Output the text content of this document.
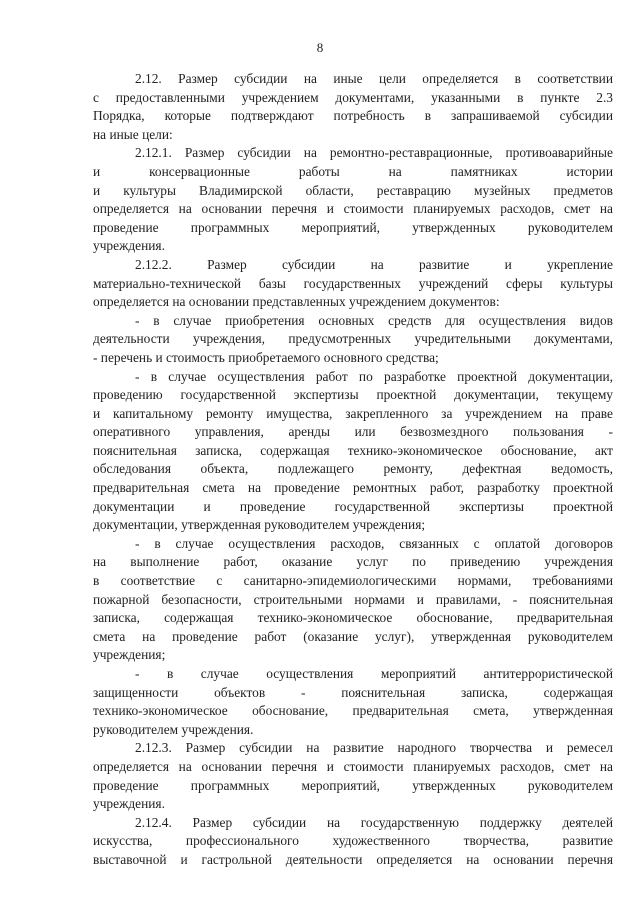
8
2.12. Размер субсидии на иные цели определяется в соответствии
с предоставленными учреждением документами, указанными в пункте 2.3
Порядка, которые подтверждают потребность в запрашиваемой субсидии
на иные цели:
2.12.1. Размер субсидии на ремонтно-реставрационные, противоаварийные
и консервационные работы на памятниках истории
и культуры Владимирской области, реставрацию музейных предметов
определяется на основании перечня и стоимости планируемых расходов, смет на
проведение программных мероприятий, утвержденных руководителем
учреждения.
2.12.2. Размер субсидии на развитие и укрепление
материально-технической базы государственных учреждений сферы культуры
определяется на основании представленных учреждением документов:
- в случае приобретения основных средств для осуществления видов
деятельности учреждения, предусмотренных учредительными документами,
- перечень и стоимость приобретаемого основного средства;
- в случае осуществления работ по разработке проектной документации,
проведению государственной экспертизы проектной документации, текущему
и капитальному ремонту имущества, закрепленного за учреждением на праве
оперативного управления, аренды или безвозмездного пользования -
пояснительная записка, содержащая технико-экономическое обоснование, акт
обследования объекта, подлежащего ремонту, дефектная ведомость,
предварительная смета на проведение ремонтных работ, разработку проектной
документации и проведение государственной экспертизы проектной
документации, утвержденная руководителем учреждения;
- в случае осуществления расходов, связанных с оплатой договоров
на выполнение работ, оказание услуг по приведению учреждения
в соответствие с санитарно-эпидемиологическими нормами, требованиями
пожарной безопасности, строительными нормами и правилами, - пояснительная
записка, содержащая технико-экономическое обоснование, предварительная
смета на проведение работ (оказание услуг), утвержденная руководителем
учреждения;
- в случае осуществления мероприятий антитеррористической
защищенности объектов - пояснительная записка, содержащая
технико-экономическое обоснование, предварительная смета, утвержденная
руководителем учреждения.
2.12.3. Размер субсидии на развитие народного творчества и ремесел
определяется на основании перечня и стоимости планируемых расходов, смет на
проведение программных мероприятий, утвержденных руководителем
учреждения.
2.12.4. Размер субсидии на государственную поддержку деятелей
искусства, профессионального художественного творчества, развитие
выставочной и гастрольной деятельности определяется на основании перечня
